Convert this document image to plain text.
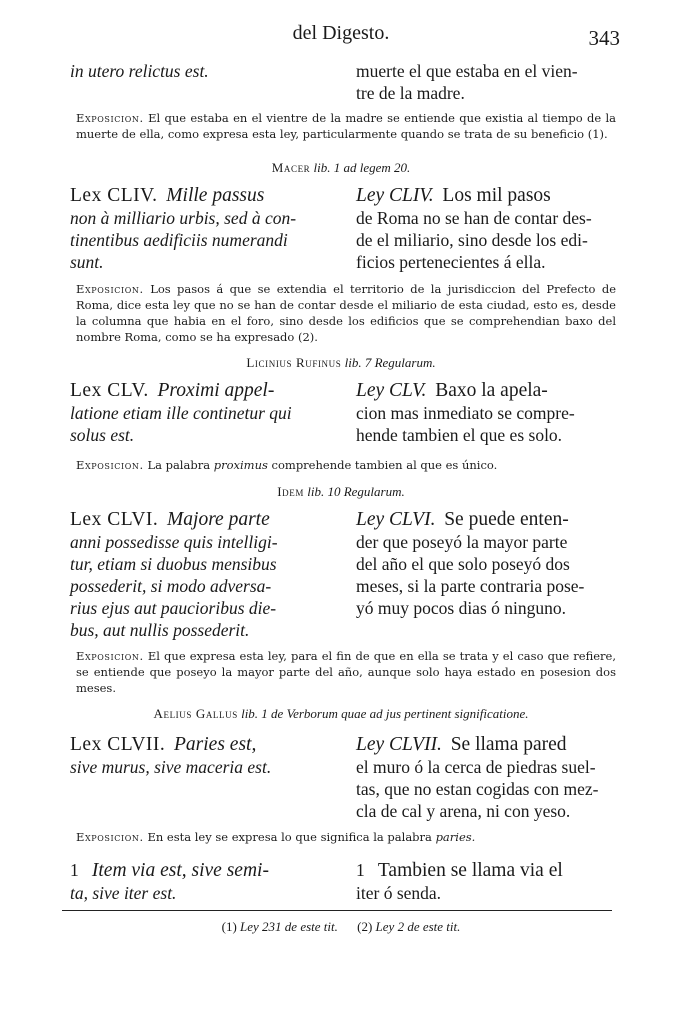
del Digesto.	343
in utero relictus est.	muerte el que estaba en el vien-
tre de la madre.
Exposicion. El que estaba en el vientre de la madre se entiende que existia al tiempo de la muerte de ella, como expresa esta ley, particularmente quando se trata de su beneficio (1).
Macer lib. 1 ad legem 20.
Lex CLIV. Mille passus
non à milliario urbis, sed à con-
tinentibus aedificiis numerandi
sunt.
Ley CLIV. Los mil pasos
de Roma no se han de contar des-
de el miliario, sino desde los edi-
ficios pertenecientes á ella.
Exposicion. Los pasos á que se extendia el territorio de la jurisdiccion del Prefecto de Roma, dice esta ley que no se han de contar desde el miliario de esta ciudad, esto es, desde la columna que habia en el foro, sino desde los edificios que se comprehendian baxo del nombre Roma, como se ha expresado (2).
Licinius Rufinus lib. 7 Regularum.
Lex CLV. Proximi appel-
latione etiam ille continetur qui
solus est.
Ley CLV. Baxo la apela-
cion mas inmediato se compre-
hende tambien el que es solo.
Exposicion. La palabra proximus comprehende tambien al que es único.
Idem lib. 10 Regularum.
Lex CLVI. Majore parte
anni possedisse quis intelligi-
tur, etiam si duobus mensibus
possederit, si modo adversa-
rius ejus aut paucioribus die-
bus, aut nullis possederit.
Ley CLVI. Se puede enten-
der que poseyó la mayor parte
del año el que solo poseyó dos
meses, si la parte contraria pose-
yó muy pocos dias ó ninguno.
Exposicion. El que expresa esta ley, para el fin de que en ella se trata y el caso que refiere, se entiende que poseyo la mayor parte del año, aunque solo haya estado en posesion dos meses.
Aelius Gallus lib. 1 de Verborum quae ad jus pertinent significatione.
Lex CLVII. Paries est,
sive murus, sive maceria est.
Ley CLVII. Se llama pared
el muro ó la cerca de piedras suel-
tas, que no estan cogidas con mez-
cla de cal y arena, ni con yeso.
Exposicion. En esta ley se expresa lo que significa la palabra paries.
1 Item via est, sive semi-
ta, sive iter est.
1 Tambien se llama via el
iter ó senda.
(1) Ley 231 de este tit. (2) Ley 2 de este tit.
